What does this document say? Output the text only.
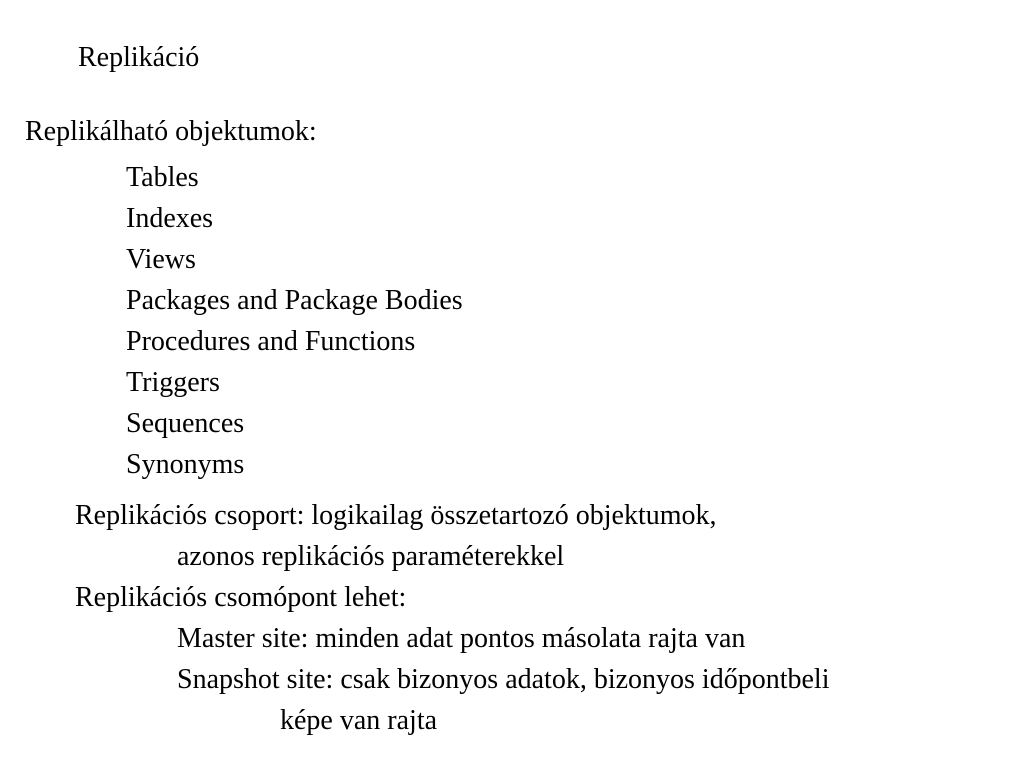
Replikáció
Replikálható objektumok:
Tables
Indexes
Views
Packages and Package Bodies
Procedures and Functions
Triggers
Sequences
Synonyms
Replikációs csoport: logikailag összetartozó objektumok,
azonos replikációs paraméterekkel
Replikációs csomópont lehet:
Master site: minden adat pontos másolata rajta van
Snapshot site: csak bizonyos adatok, bizonyos időpontbeli
képe van rajta
